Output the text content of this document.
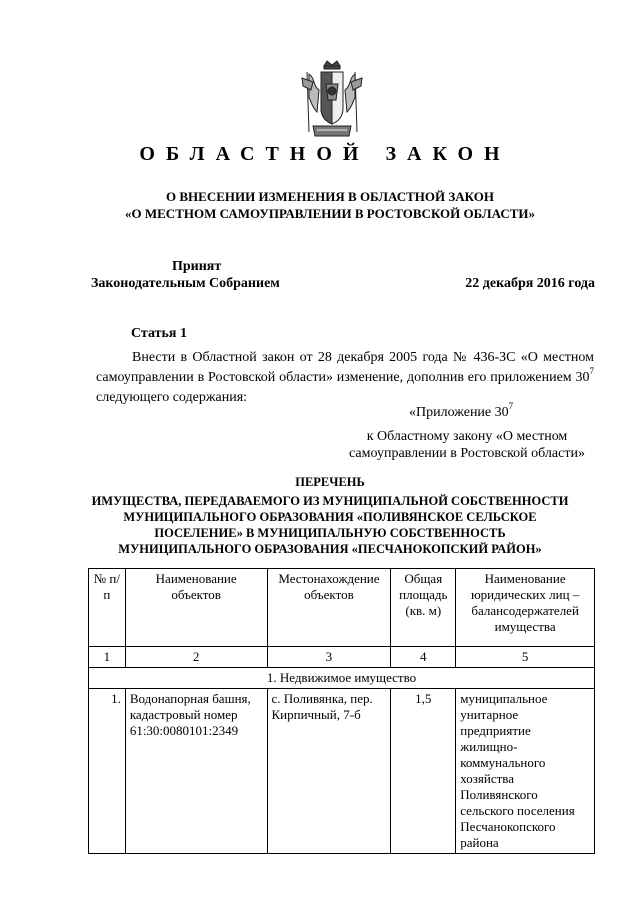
ОБЛАСТНОЙ ЗАКОН
О ВНЕСЕНИИ ИЗМЕНЕНИЯ В ОБЛАСТНОЙ ЗАКОН
«О МЕСТНОМ САМОУПРАВЛЕНИИ В РОСТОВСКОЙ ОБЛАСТИ»
Принят
Законодательным Собранием	22 декабря 2016 года
Статья 1
Внести в Областной закон от 28 декабря 2005 года № 436-ЗС «О местном самоуправлении в Ростовской области» изменение, дополнив его приложением $30^7$ следующего содержания:
«Приложение $30^7$
к Областному закону «О местном
самоуправлении в Ростовской области»
ПЕРЕЧЕНЬ
ИМУЩЕСТВА, ПЕРЕДАВАЕМОГО ИЗ МУНИЦИПАЛЬНОЙ СОБСТВЕННОСТИ
МУНИЦИПАЛЬНОГО ОБРАЗОВАНИЯ «ПОЛИВЯНСКОЕ СЕЛЬСКОЕ
ПОСЕЛЕНИЕ» В МУНИЦИПАЛЬНУЮ СОБСТВЕННОСТЬ
МУНИЦИПАЛЬНОГО ОБРАЗОВАНИЯ «ПЕСЧАНОКОПСКИЙ РАЙОН»
№ п/п	Наименование объектов	Местонахождение объектов	Общая площадь (кв. м)	Наименование юридических лиц – балансодержателей имущества
1	2	3	4	5
1. Недвижимое имущество				
1.	Водонапорная башня, кадастровый номер 61:30:0080101:2349	с. Поливянка, пер. Кирпичный, 7-б	1,5	муниципальное унитарное предприятие жилищно-коммунального хозяйства Поливянского сельского поселения Песчанокопского района
